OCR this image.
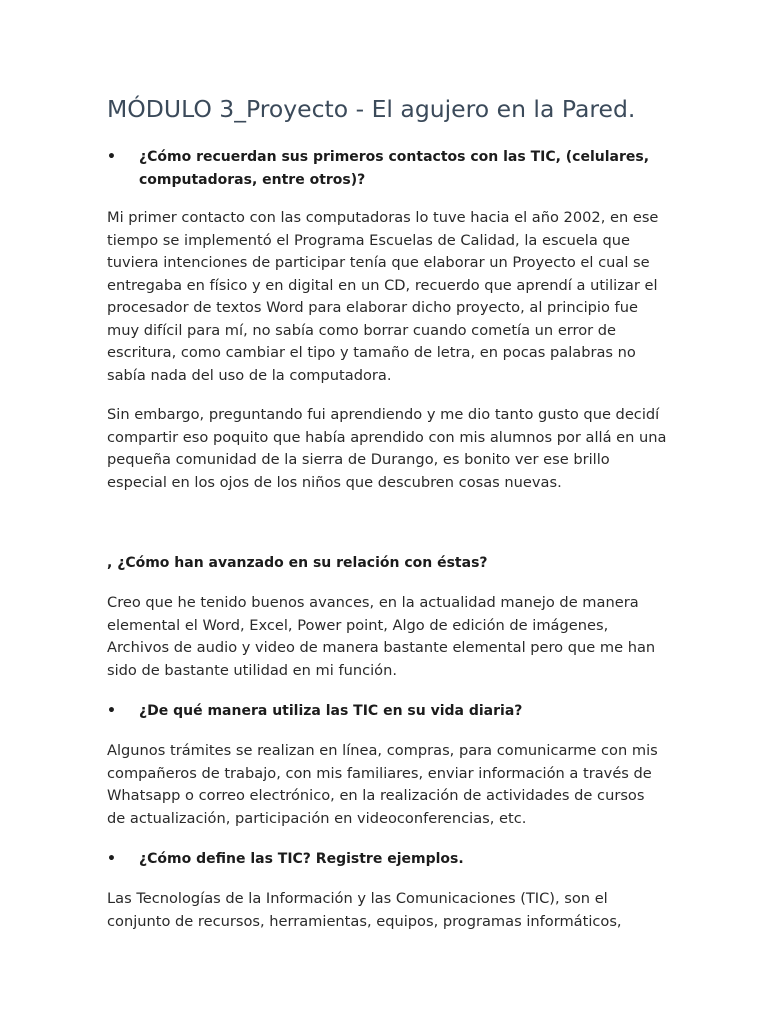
MÓDULO 3_Proyecto - El agujero en la Pared.

• ¿Cómo recuerdan sus primeros contactos con las TIC, (celulares, computadoras, entre otros)?

Mi primer contacto con las computadoras lo tuve hacia el año 2002, en ese tiempo se implementó el Programa Escuelas de Calidad, la escuela que tuviera intenciones de participar tenía que elaborar un Proyecto el cual se entregaba en físico y en digital en un CD, recuerdo que aprendí a utilizar el procesador de textos Word para elaborar dicho proyecto, al principio fue muy difícil para mí, no sabía como borrar cuando cometía un error de escritura, como cambiar el tipo y tamaño de letra, en pocas palabras no sabía nada del uso de la computadora.

Sin embargo, preguntando fui aprendiendo y me dio tanto gusto que decidí compartir eso poquito que había aprendido con mis alumnos por allá en una pequeña comunidad de la sierra de Durango, es bonito ver ese brillo especial en los ojos de los niños que descubren cosas nuevas.

, ¿Cómo han avanzado en su relación con éstas?

Creo que he tenido buenos avances, en la actualidad manejo de manera elemental el Word, Excel, Power point, Algo de edición de imágenes, Archivos de audio y video de manera bastante elemental pero que me han sido de bastante utilidad en mi función.

• ¿De qué manera utiliza las TIC en su vida diaria?

Algunos trámites se realizan en línea, compras, para comunicarme con mis compañeros de trabajo, con mis familiares, enviar información a través de Whatsapp o correo electrónico, en la realización de actividades de cursos de actualización, participación en videoconferencias, etc.

• ¿Cómo define las TIC? Registre ejemplos.

Las Tecnologías de la Información y las Comunicaciones (TIC), son el conjunto de recursos, herramientas, equipos, programas informáticos,
